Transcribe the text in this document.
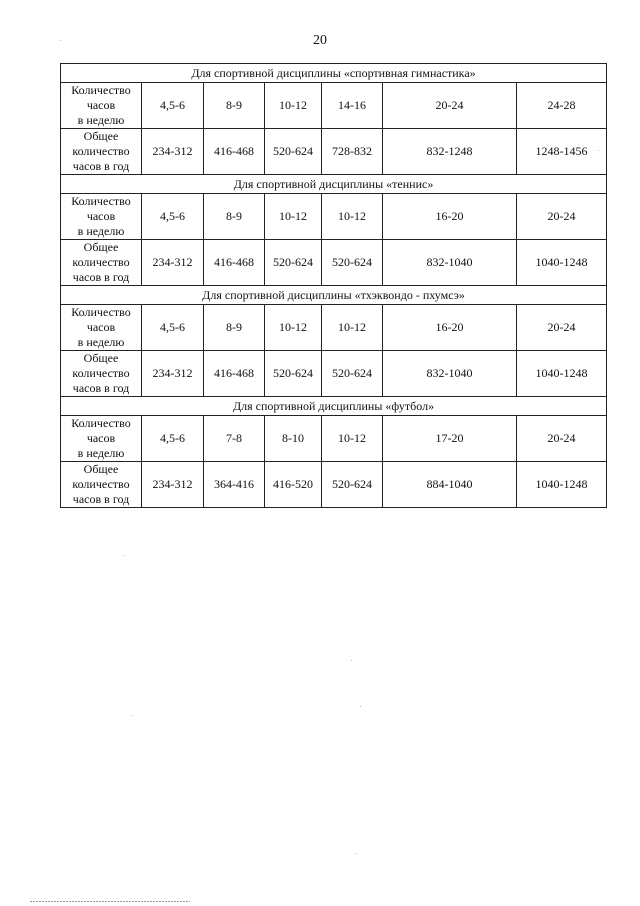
20
Для спортивной дисциплины «спортивная гимнастика»						
Количество
часов
в неделю	4,5-6	8-9	10-12	14-16	20-24	24-28
Общее
количество
часов в год	234-312	416-468	520-624	728-832	832-1248	1248-1456
Для спортивной дисциплины «теннис»						
Количество
часов
в неделю	4,5-6	8-9	10-12	10-12	16-20	20-24
Общее
количество
часов в год	234-312	416-468	520-624	520-624	832-1040	1040-1248
Для спортивной дисциплины «тхэквондо - пхумсэ»						
Количество
часов
в неделю	4,5-6	8-9	10-12	10-12	16-20	20-24
Общее
количество
часов в год	234-312	416-468	520-624	520-624	832-1040	1040-1248
Для спортивной дисциплины «футбол»						
Количество
часов
в неделю	4,5-6	7-8	8-10	10-12	17-20	20-24
Общее
количество
часов в год	234-312	364-416	416-520	520-624	884-1040	1040-1248
